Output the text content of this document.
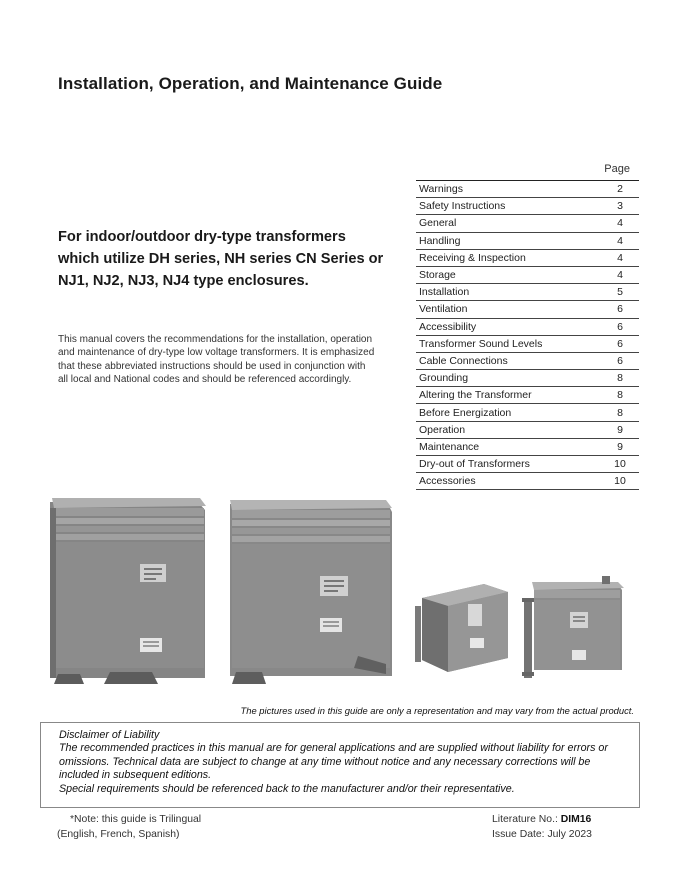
Installation, Operation, and Maintenance Guide
Page
Warnings	2
Safety Instructions	3
General	4
Handling	4
Receiving & Inspection	4
Storage	4
Installation	5
Ventilation	6
Accessibility	6
Transformer Sound Levels	6
Cable Connections	6
Grounding	8
Altering the Transformer	8
Before Energization	8
Operation	9
Maintenance	9
Dry-out of Transformers	10
Accessories	10
For indoor/outdoor dry-type transformers which utilize DH series, NH series CN Series or NJ1, NJ2, NJ3, NJ4 type enclosures.
This manual covers the recommendations for the installation, operation and maintenance of dry-type low voltage transformers. It is emphasized that these abbreviated instructions should be used in conjunction with all local and National codes and should be referenced accordingly.
The pictures used in this guide are only a representation and may vary from the actual product.
Disclaimer of Liability
The recommended practices in this manual are for general applications and are supplied without liability for errors or omissions. Technical data are subject to change at any time without notice and any necessary corrections will be included in subsequent editions.
Special requirements should be referenced back to the manufacturer and/or their representative.
*Note: this guide is Trilingual
(English, French, Spanish)
Literature No.: DIM16
Issue Date: July 2023
